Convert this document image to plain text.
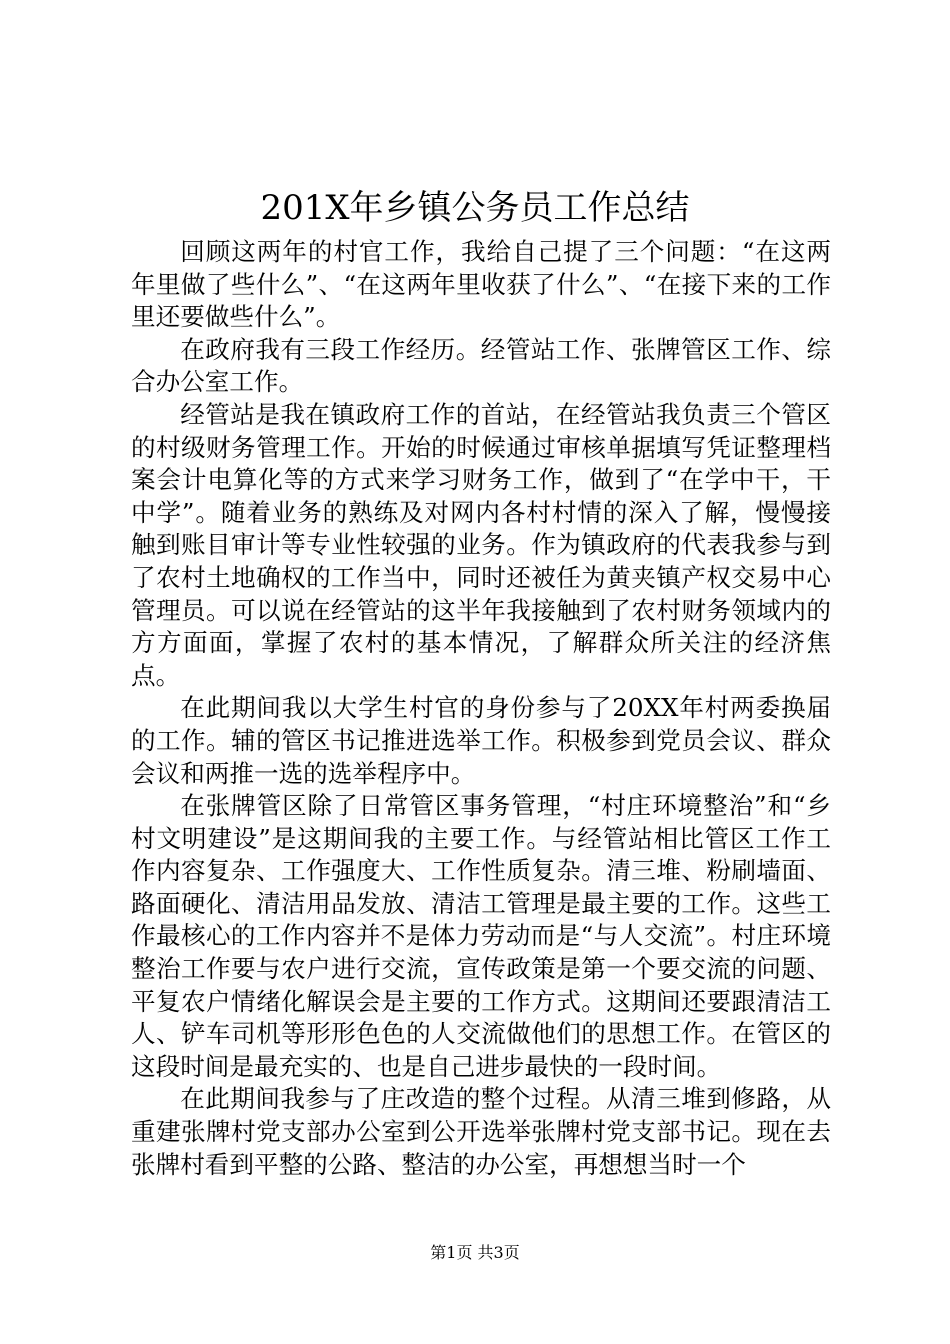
201X年乡镇公务员工作总结

回顾这两年的村官工作，我给自己提了三个问题：“在这两年里做了些什么”、“在这两年里收获了什么”、“在接下来的工作里还要做些什么”。

在政府我有三段工作经历。经管站工作、张牌管区工作、综合办公室工作。

经管站是我在镇政府工作的首站，在经管站我负责三个管区的村级财务管理工作。开始的时候通过审核单据填写凭证整理档案会计电算化等的方式来学习财务工作，做到了“在学中干，干中学”。随着业务的熟练及对网内各村村情的深入了解，慢慢接触到账目审计等专业性较强的业务。作为镇政府的代表我参与到了农村土地确权的工作当中，同时还被任为黄夹镇产权交易中心管理员。可以说在经管站的这半年我接触到了农村财务领域内的方方面面，掌握了农村的基本情况，了解群众所关注的经济焦点。

在此期间我以大学生村官的身份参与了20XX年村两委换届的工作。辅的管区书记推进选举工作。积极参到党员会议、群众会议和两推一选的选举程序中。

在张牌管区除了日常管区事务管理，“村庄环境整治”和“乡村文明建设”是这期间我的主要工作。与经管站相比管区工作工作内容复杂、工作强度大、工作性质复杂。清三堆、粉刷墙面、路面硬化、清洁用品发放、清洁工管理是最主要的工作。这些工作最核心的工作内容并不是体力劳动而是“与人交流”。村庄环境整治工作要与农户进行交流，宣传政策是第一个要交流的问题、平复农户情绪化解误会是主要的工作方式。这期间还要跟清洁工人、铲车司机等形形色色的人交流做他们的思想工作。在管区的这段时间是最充实的、也是自己进步最快的一段时间。

在此期间我参与了庄改造的整个过程。从清三堆到修路，从重建张牌村党支部办公室到公开选举张牌村党支部书记。现在去张牌村看到平整的公路、整洁的办公室，再想想当时一个

第1页 共3页
